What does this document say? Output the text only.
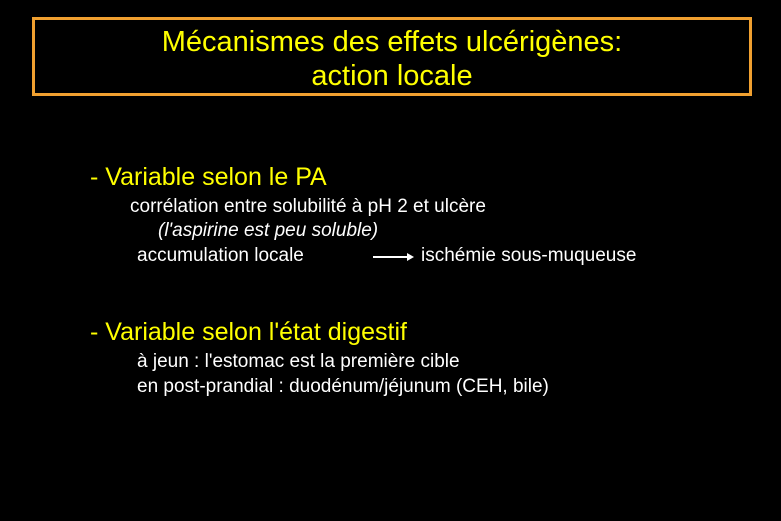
Mécanismes des effets ulcérigènes:
action locale
- Variable selon le PA
corrélation entre solubilité à pH 2 et ulcère
(l'aspirine est peu soluble)
accumulation locale	ischémie sous-muqueuse
- Variable selon l'état digestif
à jeun : l'estomac est la première cible
en post-prandial : duodénum/jéjunum (CEH, bile)
